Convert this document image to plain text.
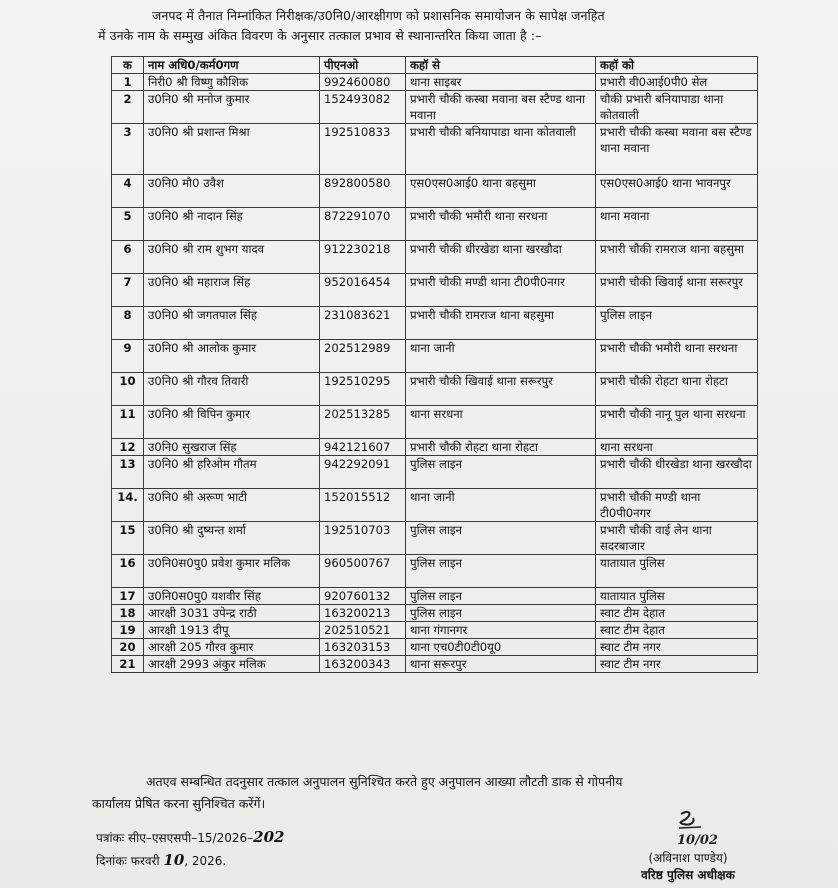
जनपद में तैनात निम्नांकित निरीक्षक/उ0नि0/आरक्षीगण को प्रशासनिक समायोजन के सापेक्ष जनहित
में उनके नाम के सम्मुख अंकित विवरण के अनुसार तत्काल प्रभाव से स्थानान्तरित किया जाता है :–
क	नाम अधि0/कर्म0गण	पीएनओ	कहॉ से	कहॉ को
1	निरी0 श्री विष्णु कौशिक	992460080	थाना साइबर	प्रभारी वी0आई0पी0 सेल
2	उ0नि0 श्री मनोज कुमार	152493082	प्रभारी चौकी कस्बा मवाना बस स्टैण्ड थाना मवाना	चौकी प्रभारी बनियापाडा थाना कोतवाली
3	उ0नि0 श्री प्रशान्त मिश्रा	192510833	प्रभारी चौकी बनियापाडा थाना कोतवाली	प्रभारी चौकी कस्बा मवाना बस स्टैण्ड थाना मवाना
4	उ0नि0 मौ0 उवैश	892800580	एस0एस0आई0 थाना बहसुमा	एस0एस0आई0 थाना भावनपुर
5	उ0नि0 श्री नादान सिंह	872291070	प्रभारी चौकी भमौरी थाना सरधना	थाना मवाना
6	उ0नि0 श्री राम शुभग यादव	912230218	प्रभारी चौकी धीरखेडा थाना खरखौदा	प्रभारी चौकी रामराज थाना बहसुमा
7	उ0नि0 श्री महाराज सिंह	952016454	प्रभारी चौकी मण्डी थाना टी0पी0नगर	प्रभारी चौकी खिवाई थाना सरूरपुर
8	उ0नि0 श्री जगतपाल सिंह	231083621	प्रभारी चौकी रामराज थाना बहसुमा	पुलिस लाइन
9	उ0नि0 श्री आलोक कुमार	202512989	थाना जानी	प्रभारी चौकी भमौरी थाना सरधना
10	उ0नि0 श्री गौरव तिवारी	192510295	प्रभारी चौकी खिवाई थाना सरूरपुर	प्रभारी चौकी रोहटा थाना रोहटा
11	उ0नि0 श्री विपिन कुमार	202513285	थाना सरधना	प्रभारी चौकी नानू पुल थाना सरधना
12	उ0नि0 सुखराज सिंह	942121607	प्रभारी चौकी रोहटा थाना रोहटा	थाना सरधना
13	उ0नि0 श्री हरिओम गौतम	942292091	पुलिस लाइन	प्रभारी चौकी धीरखेडा थाना खरखौदा
14.	उ0नि0 श्री अरूण भाटी	152015512	थाना जानी	प्रभारी चौकी मण्डी थाना टी0पी0नगर
15	उ0नि0 श्री दुष्यन्त शर्मा	192510703	पुलिस लाइन	प्रभारी चौकी वाई लेन थाना सदरबाजार
16	उ0नि0स0पु0 प्रवेश कुमार मलिक	960500767	पुलिस लाइन	यातायात पुलिस
17	उ0नि0स0पु0 यशवीर सिंह	920760132	पुलिस लाइन	यातायात पुलिस
18	आरक्षी 3031 उपेन्द्र राठी	163200213	पुलिस लाइन	स्वाट टीम देहात
19	आरक्षी 1913 दीपू	202510521	थाना गंगानगर	स्वाट टीम देहात
20	आरक्षी 205 गौरव कुमार	163203153	थाना एच0टी0टी0यू0	स्वाट टीम नगर
21	आरक्षी 2993 अंकुर मलिक	163200343	थाना सरूरपुर	स्वाट टीम नगर
अतएव सम्बन्धित तदनुसार तत्काल अनुपालन सुनिश्चित करते हुए अनुपालन आख्या लौटती डाक से गोपनीय
कार्यालय प्रेषित करना सुनिश्चित करेंगें।
पत्रांकः सीए–एसएसपी–15/2026–202
दिनांकः फरवरी 10, 2026.
10/02
(अविनाश पाण्डेय)
वरिष्ठ पुलिस अधीक्षक
